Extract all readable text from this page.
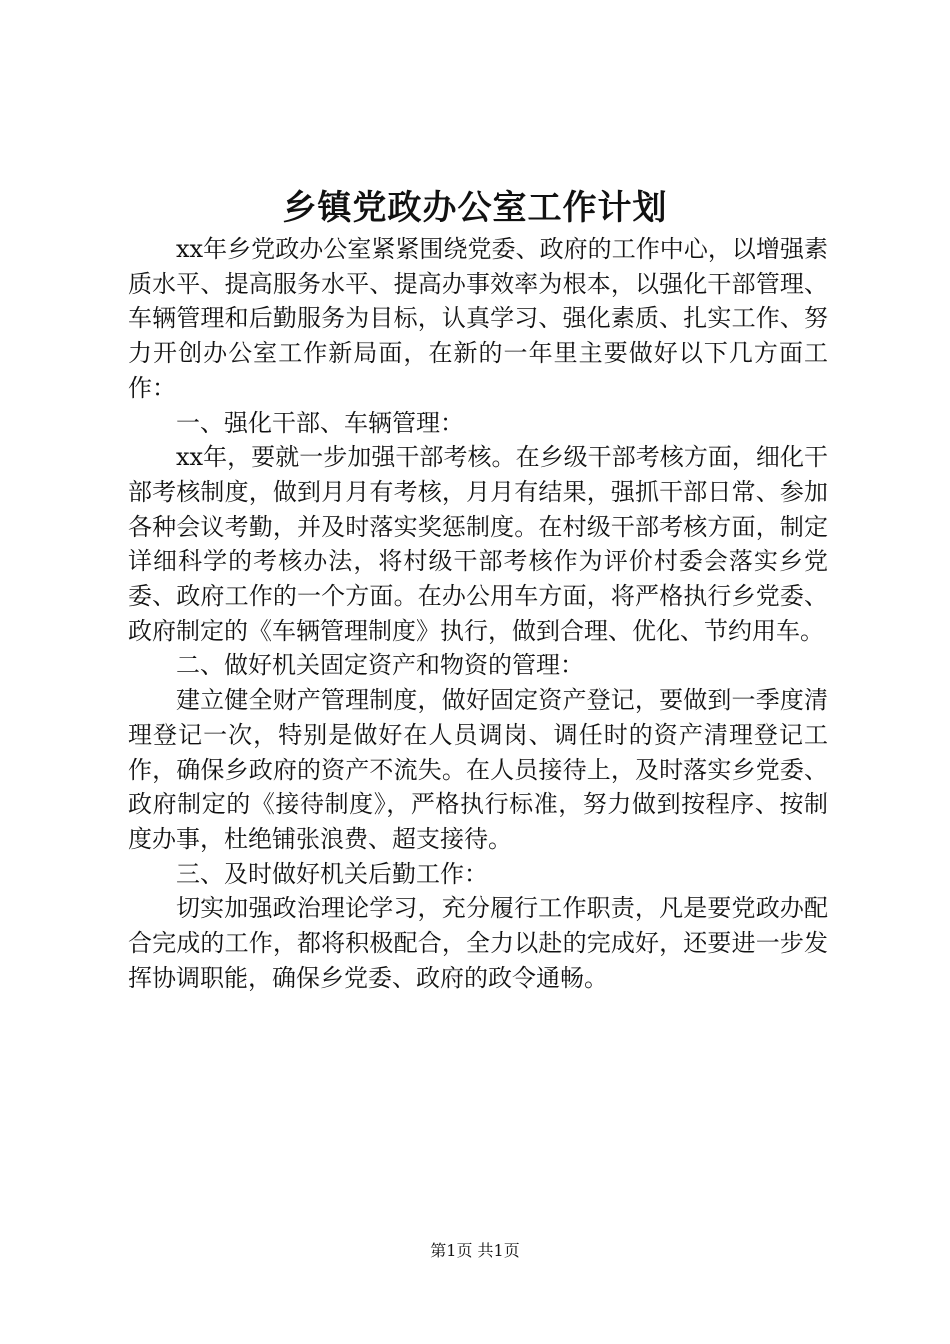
乡镇党政办公室工作计划

xx年乡党政办公室紧紧围绕党委、政府的工作中心，以增强素质水平、提高服务水平、提高办事效率为根本，以强化干部管理、车辆管理和后勤服务为目标，认真学习、强化素质、扎实工作、努力开创办公室工作新局面，在新的一年里主要做好以下几方面工作：

一、强化干部、车辆管理：

xx年，要就一步加强干部考核。在乡级干部考核方面，细化干部考核制度，做到月月有考核，月月有结果，强抓干部日常、参加各种会议考勤，并及时落实奖惩制度。在村级干部考核方面，制定详细科学的考核办法，将村级干部考核作为评价村委会落实乡党委、政府工作的一个方面。在办公用车方面，将严格执行乡党委、政府制定的《车辆管理制度》执行，做到合理、优化、节约用车。

二、做好机关固定资产和物资的管理：

建立健全财产管理制度，做好固定资产登记，要做到一季度清理登记一次，特别是做好在人员调岗、调任时的资产清理登记工作，确保乡政府的资产不流失。在人员接待上，及时落实乡党委、政府制定的《接待制度》，严格执行标准，努力做到按程序、按制度办事，杜绝铺张浪费、超支接待。

三、及时做好机关后勤工作：

切实加强政治理论学习，充分履行工作职责，凡是要党政办配合完成的工作，都将积极配合，全力以赴的完成好，还要进一步发挥协调职能，确保乡党委、政府的政令通畅。

第1页 共1页
